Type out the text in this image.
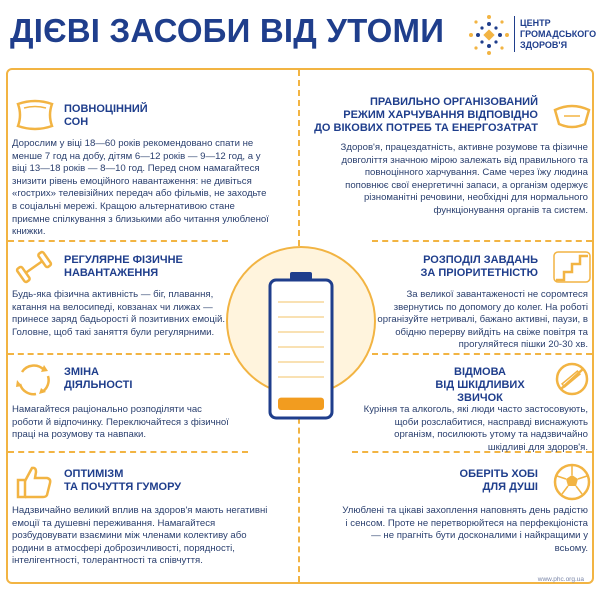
ДІЄВІ ЗАСОБИ ВІД УТОМИ	ЦЕНТР
ГРОМАДСЬКОГО
ЗДОРОВ'Я
ПОВНОЦІННИЙ
СОН
Дорослим у віці 18—60 років рекомендовано спати не менше 7 год на добу, дітям 6—12 років — 9—12 год, а у віці 13—18 років — 8—10 год. Перед сном намагайтеся знизити рівень емоційного навантаження: не дивіться «гострих» телевізійних передач або фільмів, не заходьте в соціальні мережі. Кращою альтернативою стане приємне спілкування з близькими або читання улюбленої книжки.
ПРАВИЛЬНО ОРГАНІЗОВАНИЙ
РЕЖИМ ХАРЧУВАННЯ ВІДПОВІДНО
ДО ВІКОВИХ ПОТРЕБ ТА ЕНЕРГОЗАТРАТ
Здоров'я, працездатність, активне розумове та фізичне довголіття значною мірою залежать від правильного та повноцінного харчування. Саме через їжу людина поповнює свої енергетичні запаси, а організм одержує різноманітні речовини, необхідні для нормального функціонування органів та систем.
РЕГУЛЯРНЕ ФІЗИЧНЕ
НАВАНТАЖЕННЯ
Будь-яка фізична активність — біг, плавання, катання на велосипеді, ковзанах чи лижах — принесе заряд бадьорості й позитивних емоцій. Головне, щоб такі заняття були регулярними.
РОЗПОДІЛ ЗАВДАНЬ
ЗА ПРІОРИТЕТНІСТЮ
За великої завантаженості не соромтеся звернутись по допомогу до колег. На роботі організуйте нетривалі, бажано активні, паузи, в обідню перерву вийдіть на свіже повітря та прогуляйтеся пішки 20-30 хв.
ЗМІНА
ДІЯЛЬНОСТІ
Намагайтеся раціонально розподіляти час роботи й відпочинку. Переключайтеся з фізичної праці на розумову та навпаки.
ВІДМОВА
ВІД ШКІДЛИВИХ ЗВИЧОК
Куріння та алкоголь, які люди часто застосовують, щоби розслабитися, насправді виснажують організм, посилюють утому та надзвичайно шкідливі для здоров'я.
ОПТИМІЗМ
ТА ПОЧУТТЯ ГУМОРУ
Надзвичайно великий вплив на здоров'я мають негативні емоції та душевні переживання. Намагайтеся розбудовувати взаємини між членами колективу або родини в атмосфері доброзичливості, порядності, інтелігентності, толерантності та співчуття.
ОБЕРІТЬ ХОБІ
ДЛЯ ДУШІ
Улюблені та цікаві захоплення наповнять день радістю і сенсом. Проте не перетворюйтеся на перфекціоніста — не прагніть бути досконалими і найкращими у всьому.
www.phc.org.ua
